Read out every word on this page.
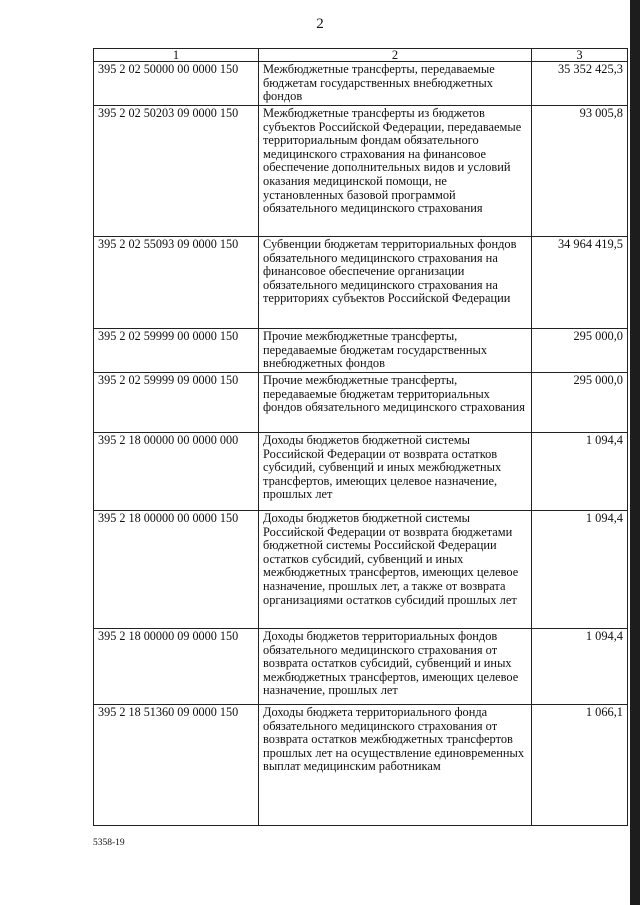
2
1	2	3
395 2 02 50000 00 0000 150	Межбюджетные трансферты, передаваемые бюджетам государственных внебюджетных фондов	35 352 425,3
395 2 02 50203 09 0000 150	Межбюджетные трансферты из бюджетов субъектов Российской Федерации, передаваемые территориальным фондам обязательного медицинского страхования на финансовое обеспечение дополнительных видов и условий оказания медицинской помощи, не установленных базовой программой обязательного медицинского страхования	93 005,8
395 2 02 55093 09 0000 150	Субвенции бюджетам территориальных фондов обязательного медицинского страхования на финансовое обеспечение организации обязательного медицинского страхования на территориях субъектов Российской Федерации	34 964 419,5
395 2 02 59999 00 0000 150	Прочие межбюджетные трансферты, передаваемые бюджетам государственных внебюджетных фондов	295 000,0
395 2 02 59999 09 0000 150	Прочие межбюджетные трансферты, передаваемые бюджетам территориальных фондов обязательного медицинского страхования	295 000,0
395 2 18 00000 00 0000 000	Доходы бюджетов бюджетной системы Российской Федерации от возврата остатков субсидий, субвенций и иных межбюджетных трансфертов, имеющих целевое назначение, прошлых лет	1 094,4
395 2 18 00000 00 0000 150	Доходы бюджетов бюджетной системы Российской Федерации от возврата бюджетами бюджетной системы Российской Федерации остатков субсидий, субвенций и иных межбюджетных трансфертов, имеющих целевое назначение, прошлых лет, а также от возврата организациями остатков субсидий прошлых лет	1 094,4
395 2 18 00000 09 0000 150	Доходы бюджетов территориальных фондов обязательного медицинского страхования от возврата остатков субсидий, субвенций и иных межбюджетных трансфертов, имеющих целевое назначение, прошлых лет	1 094,4
395 2 18 51360 09 0000 150	Доходы бюджета территориального фонда обязательного медицинского страхования от возврата остатков межбюджетных трансфертов прошлых лет на осуществление единовременных выплат медицинским работникам	1 066,1
5358-19
